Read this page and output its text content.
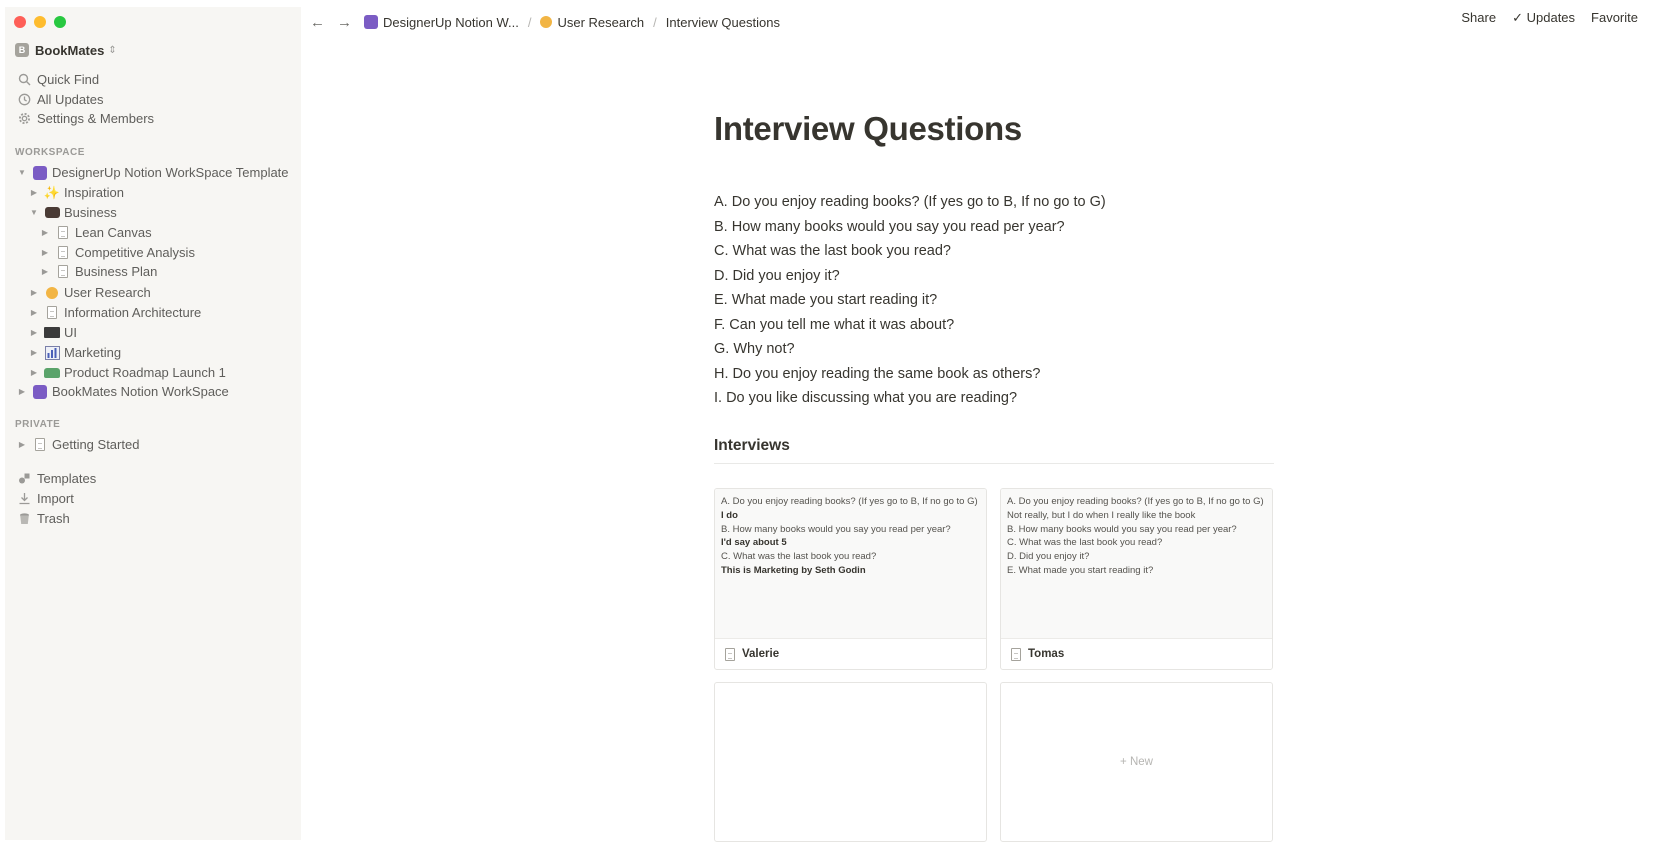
B BookMates ⇕
Quick Find
All Updates
Settings & Members
WORKSPACE
▼ DesignerUp Notion WorkSpace Template
▶ ✨ Inspiration
▼ Business
▶	Lean Canvas
▶	Competitive Analysis
▶	Business Plan
▶	User Research
▶	Information Architecture
▶	UI
▶	Marketing
▶	Product Roadmap Launch 1
▶	BookMates Notion WorkSpace
PRIVATE
▶	Getting Started
Templates
Import
Trash
← → DesignerUp Notion W... / User Research / Interview Questions	Share ✓ Updates Favorite
Interview Questions
A. Do you enjoy reading books? (If yes go to B, If no go to G)
B. How many books would you say you read per year?
C. What was the last book you read?
D. Did you enjoy it?
E. What made you start reading it?
F. Can you tell me what it was about?
G. Why not?
H. Do you enjoy reading the same book as others?
I. Do you like discussing what you are reading?
Interviews
A. Do you enjoy reading books? (If yes go to B, If no go to G)
I do
B. How many books would you say you read per year?
I'd say about 5
C. What was the last book you read?
This is Marketing by Seth Godin
Valerie
A. Do you enjoy reading books? (If yes go to B, If no go to G)
Not really, but I do when I really like the book
B. How many books would you say you read per year?
C. What was the last book you read?
D. Did you enjoy it?
E. What made you start reading it?
Tomas
+ New
